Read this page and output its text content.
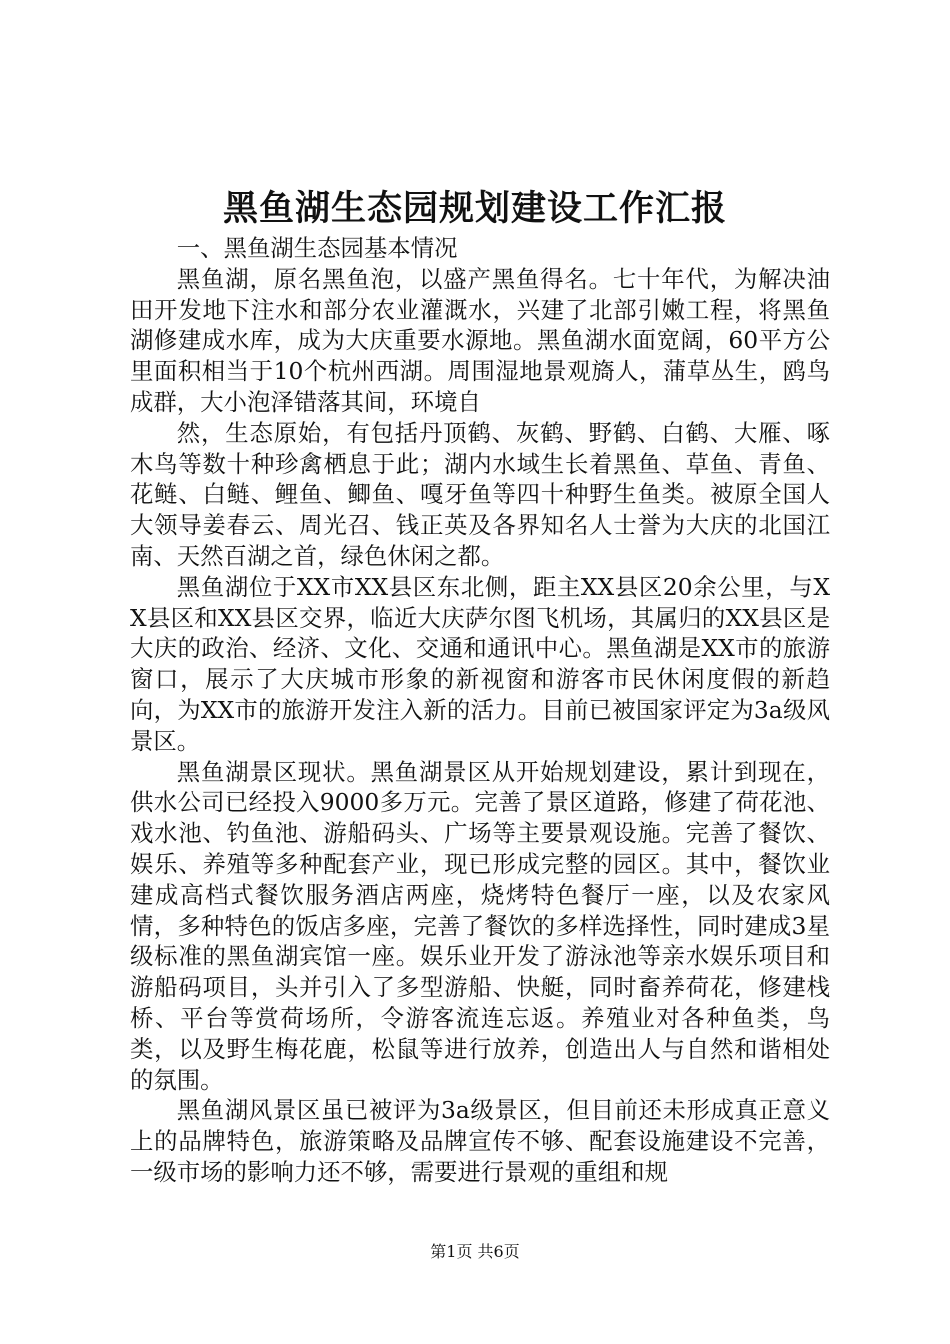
黑鱼湖生态园规划建设工作汇报

一、黑鱼湖生态园基本情况

黑鱼湖，原名黑鱼泡，以盛产黑鱼得名。七十年代，为解决油田开发地下注水和部分农业灌溉水，兴建了北部引嫩工程，将黑鱼湖修建成水库，成为大庆重要水源地。黑鱼湖水面宽阔，60平方公里面积相当于10个杭州西湖。周围湿地景观旖人，蒲草丛生，鸥鸟成群，大小泡泽错落其间，环境自

然，生态原始，有包括丹顶鹤、灰鹤、野鹤、白鹤、大雁、啄木鸟等数十种珍禽栖息于此；湖内水域生长着黑鱼、草鱼、青鱼、花鲢、白鲢、鲤鱼、鲫鱼、嘎牙鱼等四十种野生鱼类。被原全国人大领导姜春云、周光召、钱正英及各界知名人士誉为大庆的北国江南、天然百湖之首，绿色休闲之都。

黑鱼湖位于XX市XX县区东北侧，距主XX县区20余公里，与XX县区和XX县区交界，临近大庆萨尔图飞机场，其属归的XX县区是大庆的政治、经济、文化、交通和通讯中心。黑鱼湖是XX市的旅游窗口，展示了大庆城市形象的新视窗和游客市民休闲度假的新趋向，为XX市的旅游开发注入新的活力。目前已被国家评定为3a级风景区。

黑鱼湖景区现状。黑鱼湖景区从开始规划建设，累计到现在，供水公司已经投入9000多万元。完善了景区道路，修建了荷花池、戏水池、钓鱼池、游船码头、广场等主要景观设施。完善了餐饮、娱乐、养殖等多种配套产业，现已形成完整的园区。其中，餐饮业建成高档式餐饮服务酒店两座，烧烤特色餐厅一座，以及农家风情，多种特色的饭店多座，完善了餐饮的多样选择性，同时建成3星级标准的黑鱼湖宾馆一座。娱乐业开发了游泳池等亲水娱乐项目和游船码项目，头并引入了多型游船、快艇，同时畜养荷花，修建栈桥、平台等赏荷场所，令游客流连忘返。养殖业对各种鱼类，鸟类，以及野生梅花鹿，松鼠等进行放养，创造出人与自然和谐相处的氛围。

黑鱼湖风景区虽已被评为3a级景区，但目前还未形成真正意义上的品牌特色，旅游策略及品牌宣传不够、配套设施建设不完善，一级市场的影响力还不够，需要进行景观的重组和规

第1页 共6页
